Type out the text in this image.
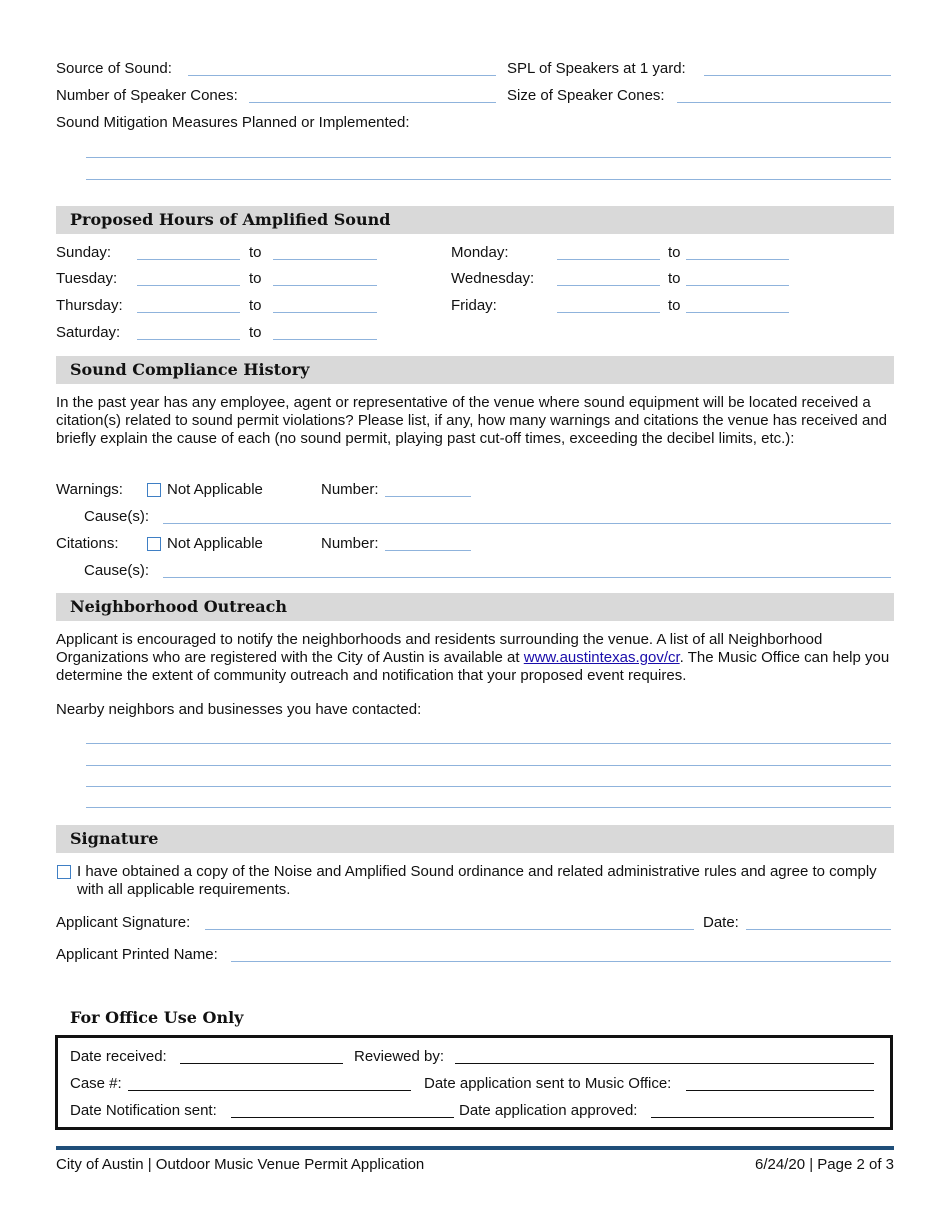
Source of Sound:	SPL of Speakers at 1 yard:
Number of Speaker Cones:	Size of Speaker Cones:
Sound Mitigation Measures Planned or Implemented:
Proposed Hours of Amplified Sound
Sunday:	to	Monday:	to
Tuesday:	to	Wednesday:	to
Thursday:	to	Friday:	to
Saturday:	to
Sound Compliance History
In the past year has any employee, agent or representative of the venue where sound equipment will be located received a citation(s) related to sound permit violations? Please list, if any, how many warnings and citations the venue has received and briefly explain the cause of each (no sound permit, playing past cut-off times, exceeding the decibel limits, etc.):
Warnings:	Not Applicable	Number:
Cause(s):
Citations:	Not Applicable	Number:
Cause(s):
Neighborhood Outreach
Applicant is encouraged to notify the neighborhoods and residents surrounding the venue. A list of all Neighborhood Organizations who are registered with the City of Austin is available at www.austintexas.gov/cr. The Music Office can help you determine the extent of community outreach and notification that your proposed event requires.
Nearby neighbors and businesses you have contacted:
Signature
I have obtained a copy of the Noise and Amplified Sound ordinance and related administrative rules and agree to comply with all applicable requirements.
Applicant Signature:	Date:
Applicant Printed Name:
For Office Use Only
Date received:	Reviewed by:
Case #:	Date application sent to Music Office:
Date Notification sent:	Date application approved:
City of Austin | Outdoor Music Venue Permit Application	6/24/20 | Page 2 of 3
